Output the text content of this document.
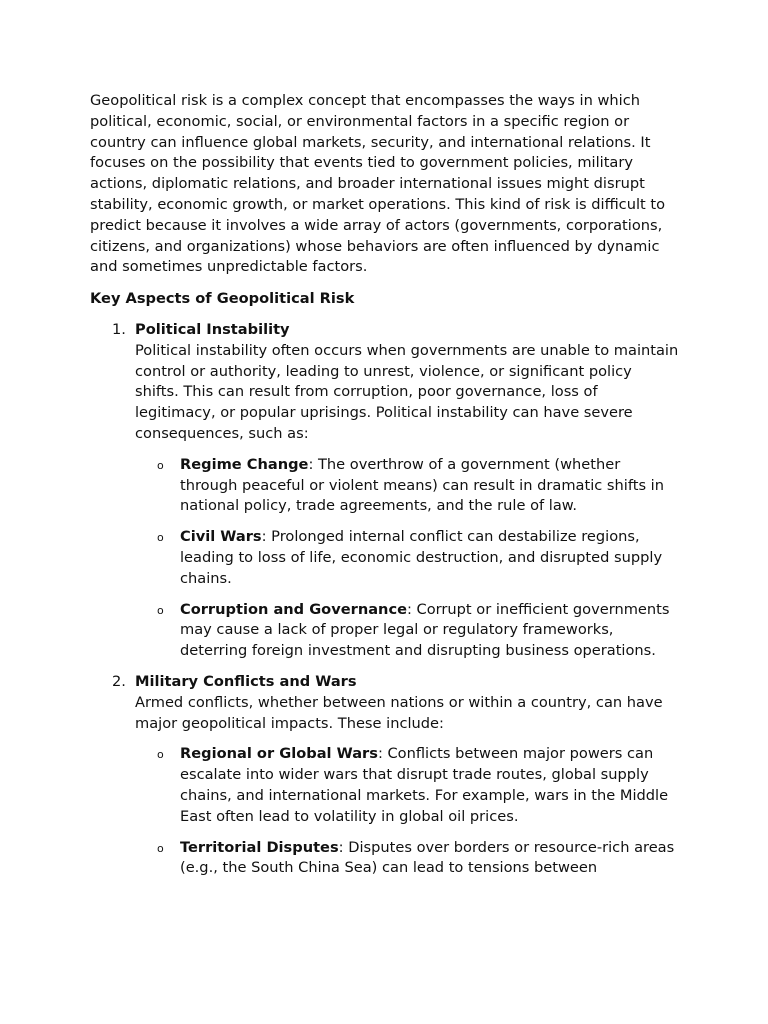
Geopolitical risk is a complex concept that encompasses the ways in which political, economic, social, or environmental factors in a specific region or country can influence global markets, security, and international relations. It focuses on the possibility that events tied to government policies, military actions, diplomatic relations, and broader international issues might disrupt stability, economic growth, or market operations. This kind of risk is difficult to predict because it involves a wide array of actors (governments, corporations, citizens, and organizations) whose behaviors are often influenced by dynamic and sometimes unpredictable factors.

Key Aspects of Geopolitical Risk

1. Political Instability
Political instability often occurs when governments are unable to maintain control or authority, leading to unrest, violence, or significant policy shifts. This can result from corruption, poor governance, loss of legitimacy, or popular uprisings. Political instability can have severe consequences, such as:
o Regime Change: The overthrow of a government (whether through peaceful or violent means) can result in dramatic shifts in national policy, trade agreements, and the rule of law.
o Civil Wars: Prolonged internal conflict can destabilize regions, leading to loss of life, economic destruction, and disrupted supply chains.
o Corruption and Governance: Corrupt or inefficient governments may cause a lack of proper legal or regulatory frameworks, deterring foreign investment and disrupting business operations.
2. Military Conflicts and Wars
Armed conflicts, whether between nations or within a country, can have major geopolitical impacts. These include:
o Regional or Global Wars: Conflicts between major powers can escalate into wider wars that disrupt trade routes, global supply chains, and international markets. For example, wars in the Middle East often lead to volatility in global oil prices.
o Territorial Disputes: Disputes over borders or resource-rich areas (e.g., the South China Sea) can lead to tensions between
